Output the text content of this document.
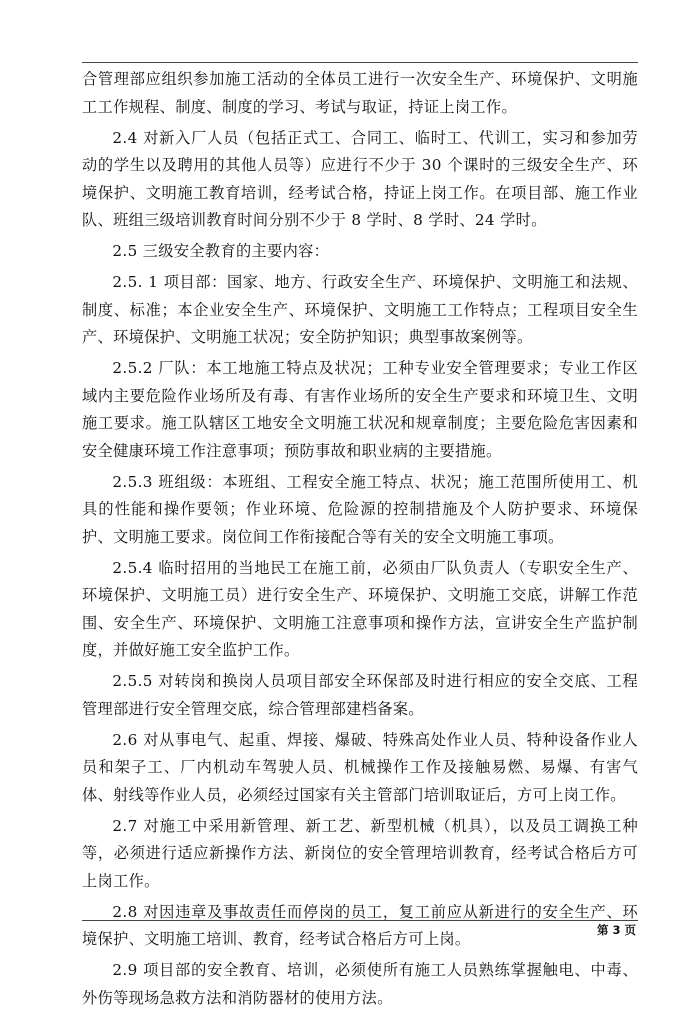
合管理部应组织参加施工活动的全体员工进行一次安全生产、环境保护、文明施工工作规程、制度、制度的学习、考试与取证，持证上岗工作。

2.4 对新入厂人员（包括正式工、合同工、临时工、代训工，实习和参加劳动的学生以及聘用的其他人员等）应进行不少于 30 个课时的三级安全生产、环境保护、文明施工教育培训，经考试合格，持证上岗工作。在项目部、施工作业队、班组三级培训教育时间分别不少于 8 学时、8 学时、24 学时。

2.5 三级安全教育的主要内容：

2.5. 1 项目部：国家、地方、行政安全生产、环境保护、文明施工和法规、制度、标准；本企业安全生产、环境保护、文明施工工作特点；工程项目安全生产、环境保护、文明施工状况；安全防护知识；典型事故案例等。

2.5.2 厂队：本工地施工特点及状况；工种专业安全管理要求；专业工作区域内主要危险作业场所及有毒、有害作业场所的安全生产要求和环境卫生、文明施工要求。施工队辖区工地安全文明施工状况和规章制度；主要危险危害因素和安全健康环境工作注意事项；预防事故和职业病的主要措施。

2.5.3 班组级：本班组、工程安全施工特点、状况；施工范围所使用工、机具的性能和操作要领；作业环境、危险源的控制措施及个人防护要求、环境保护、文明施工要求。岗位间工作衔接配合等有关的安全文明施工事项。

2.5.4 临时招用的当地民工在施工前，必须由厂队负责人（专职安全生产、环境保护、文明施工员）进行安全生产、环境保护、文明施工交底，讲解工作范围、安全生产、环境保护、文明施工注意事项和操作方法，宣讲安全生产监护制度，并做好施工安全监护工作。

2.5.5 对转岗和换岗人员项目部安全环保部及时进行相应的安全交底、工程管理部进行安全管理交底，综合管理部建档备案。

2.6 对从事电气、起重、焊接、爆破、特殊高处作业人员、特种设备作业人员和架子工、厂内机动车驾驶人员、机械操作工作及接触易燃、易爆、有害气体、射线等作业人员，必须经过国家有关主管部门培训取证后，方可上岗工作。

2.7 对施工中采用新管理、新工艺、新型机械（机具），以及员工调换工种等，必须进行适应新操作方法、新岗位的安全管理培训教育，经考试合格后方可上岗工作。

2.8 对因违章及事故责任而停岗的员工，复工前应从新进行的安全生产、环境保护、文明施工培训、教育，经考试合格后方可上岗。

2.9 项目部的安全教育、培训，必须使所有施工人员熟练掌握触电、中毒、外伤等现场急救方法和消防器材的使用方法。

第 3 页
